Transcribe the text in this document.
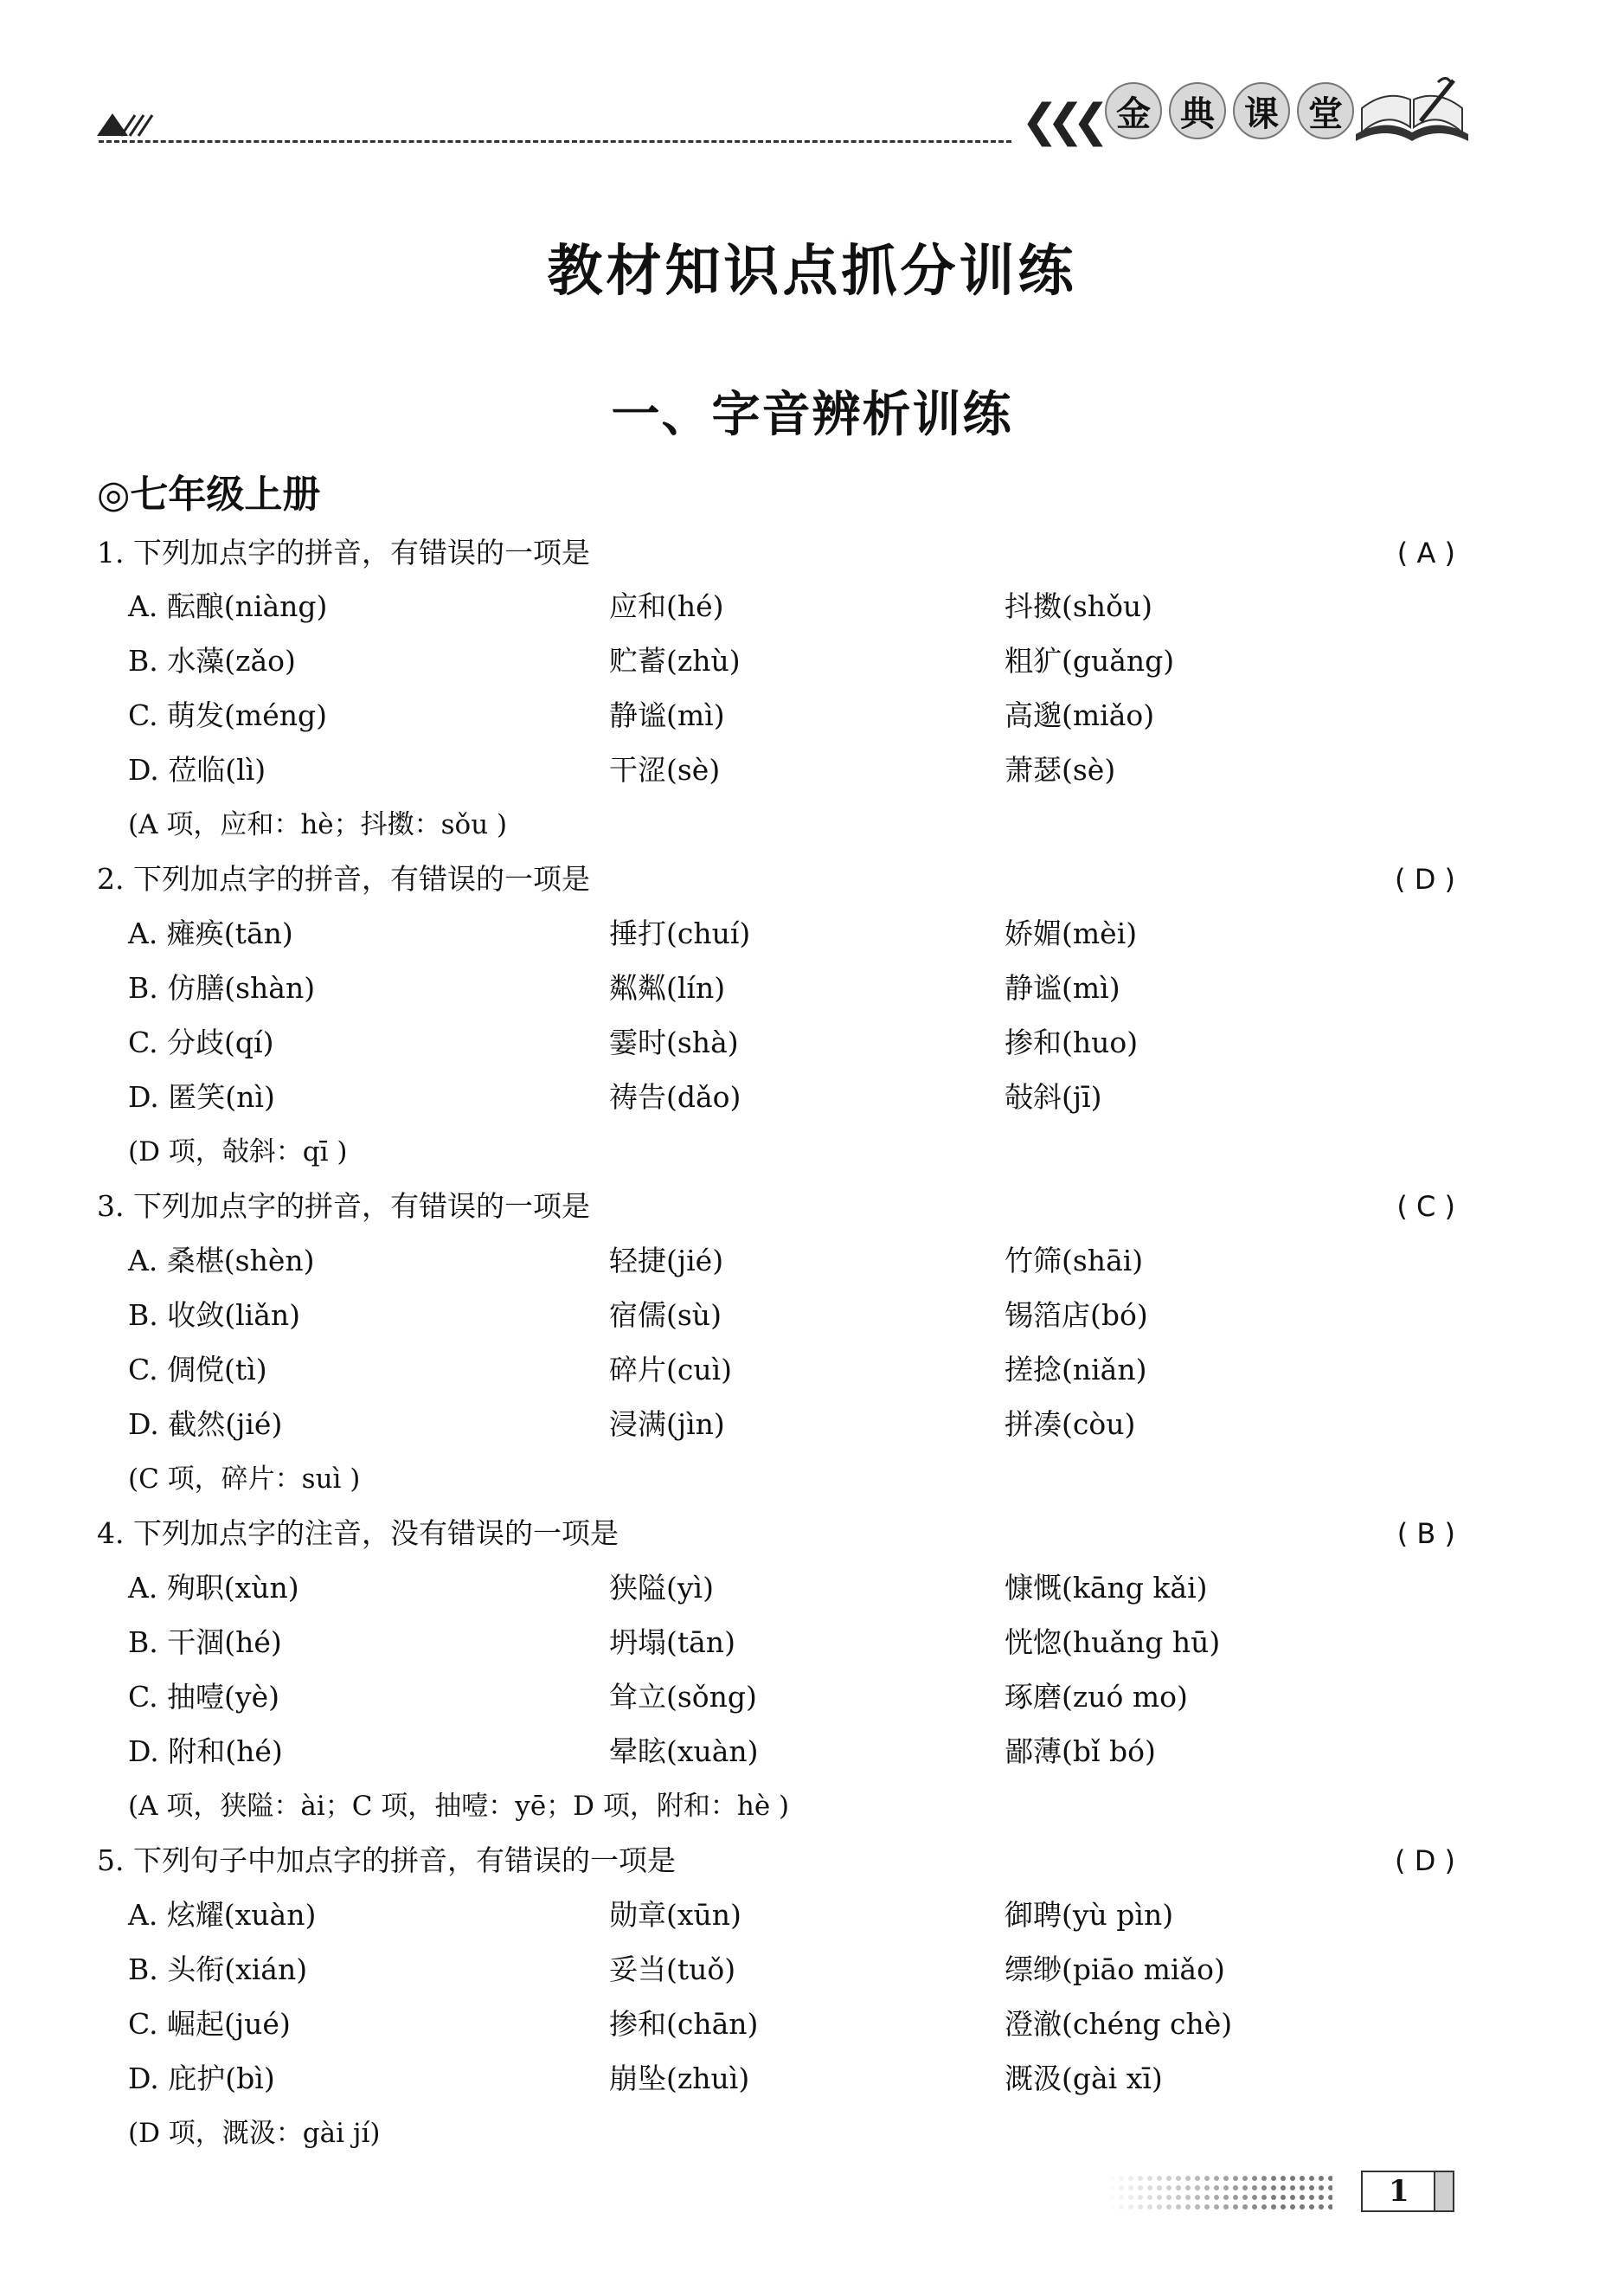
❮❮❮ 金 典 课 堂
教材知识点抓分训练
一、字音辨析训练
◎七年级上册
1. 下列加点字的拼音，有错误的一项是	( A )
A. 酝酿(niàng)	应和(hé)	抖擞(shǒu)
B. 水藻(zǎo)	贮蓄(zhù)	粗犷(guǎng)
C. 萌发(méng)	静谧(mì)	高邈(miǎo)
D. 莅临(lì)	干涩(sè)	萧瑟(sè)
(A 项，应和：hè；抖擞：sǒu )
2. 下列加点字的拼音，有错误的一项是	( D )
A. 瘫痪(tān)	捶打(chuí)	娇媚(mèi)
B. 仿膳(shàn)	粼粼(lín)	静谧(mì)
C. 分歧(qí)	霎时(shà)	掺和(huo)
D. 匿笑(nì)	祷告(dǎo)	敧斜(jī)
(D 项，敧斜：qī )
3. 下列加点字的拼音，有错误的一项是	( C )
A. 桑椹(shèn)	轻捷(jié)	竹筛(shāi)
B. 收敛(liǎn)	宿儒(sù)	锡箔店(bó)
C. 倜傥(tì)	碎片(cuì)	搓捻(niǎn)
D. 截然(jié)	浸满(jìn)	拼凑(còu)
(C 项，碎片：suì )
4. 下列加点字的注音，没有错误的一项是	( B )
A. 殉职(xùn)	狭隘(yì)	慷慨(kāng kǎi)
B. 干涸(hé)	坍塌(tān)	恍惚(huǎng hū)
C. 抽噎(yè)	耸立(sǒng)	琢磨(zuó mo)
D. 附和(hé)	晕眩(xuàn)	鄙薄(bǐ bó)
(A 项，狭隘：ài；C 项，抽噎：yē；D 项，附和：hè )
5. 下列句子中加点字的拼音，有错误的一项是	( D )
A. 炫耀(xuàn)	勋章(xūn)	御聘(yù pìn)
B. 头衔(xián)	妥当(tuǒ)	缥缈(piāo miǎo)
C. 崛起(jué)	掺和(chān)	澄澈(chéng chè)
D. 庇护(bì)	崩坠(zhuì)	溉汲(gài xī)
(D 项，溉汲：gài jí)
1
